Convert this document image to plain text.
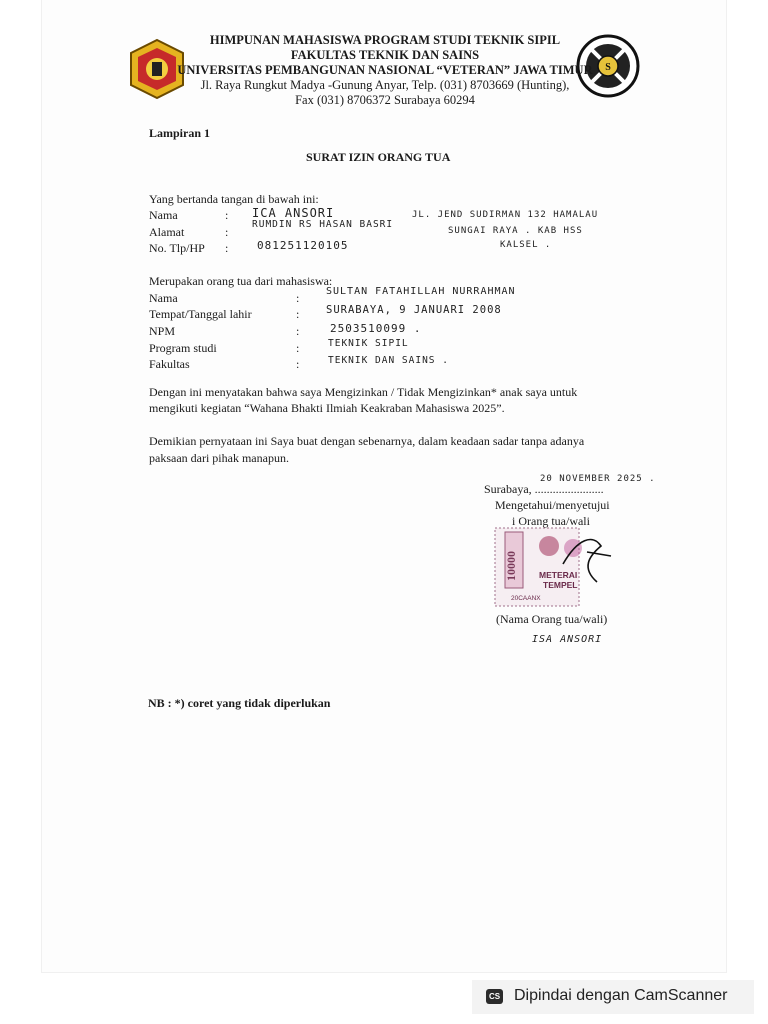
S
HIMPUNAN MAHASISWA PROGRAM STUDI TEKNIK SIPIL
FAKULTAS TEKNIK DAN SAINS
UNIVERSITAS PEMBANGUNAN NASIONAL “VETERAN” JAWA TIMUR
Jl. Raya Rungkut Madya -Gunung Anyar, Telp. (031) 8703669 (Hunting),
Fax (031) 8706372 Surabaya 60294
Lampiran 1
SURAT IZIN ORANG TUA
Yang bertanda tangan di bawah ini:
Nama	: ICA ANSORI
Alamat	:
RUMDIN RS HASAN BASRI
JL. JEND SUDIRMAN 132 HAMALAU
SUNGAI RAYA . KAB HSS
KALSEL .
No. Tlp/HP :	081251120105
Merupakan orang tua dari mahasiswa:
Nama	:	SULTAN FATAHILLAH NURRAHMAN
Tempat/Tanggal lahir	:	SURABAYA, 9 JANUARI 2008
NPM	:	2503510099 .
Program studi	:	TEKNIK SIPIL
Fakultas	:	TEKNIK DAN SAINS .
Dengan ini menyatakan bahwa saya Mengizinkan / Tidak Mengizinkan* anak saya untuk
mengikuti kegiatan “Wahana Bhakti Ilmiah Keakraban Mahasiswa 2025”.
Demikian pernyataan ini Saya buat dengan sebenarnya, dalam keadaan sadar tanpa adanya
paksaan dari pihak manapun.
Surabaya, .......................
20 NOVEMBER 2025 .
Mengetahui/menyetujui
i Orang tua/wali
10000 METERAI
TEMPEL
20CAANX
(Nama Orang tua/wali)
ISA ANSORI
NB : *) coret yang tidak diperlukan
CS Dipindai dengan CamScanner
